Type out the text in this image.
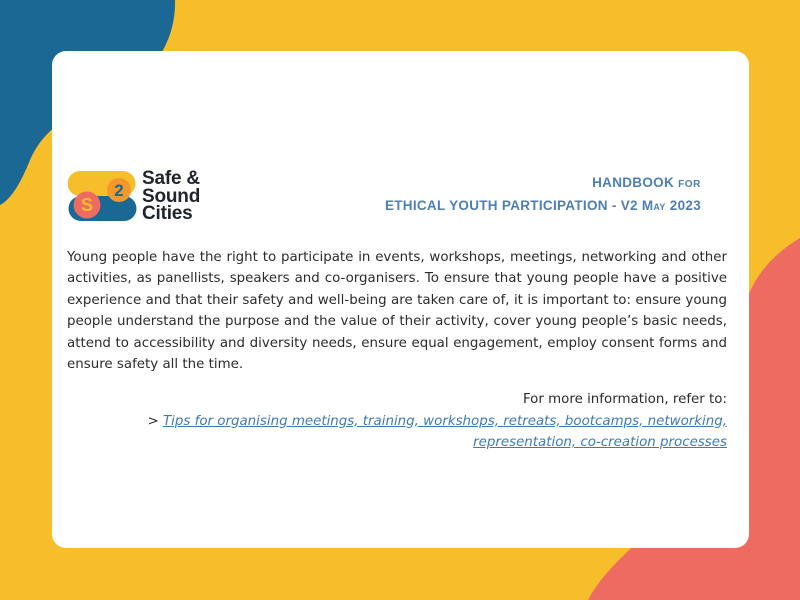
S
2
Safe &
Sound
Cities
HANDBOOK FOR
ETHICAL YOUTH PARTICIPATION - V2 May 2023

Young people have the right to participate in events, workshops, meetings, networking and other activities, as panellists, speakers and co-organisers. To ensure that young people have a positive experience and that their safety and well-being are taken care of, it is important to: ensure young people understand the purpose and the value of their activity, cover young people’s basic needs, attend to accessibility and diversity needs, ensure equal engagement, employ consent forms and ensure safety all the time.

For more information, refer to:
> Tips for organising meetings, training, workshops, retreats, bootcamps, networking,
representation, co-creation processes
